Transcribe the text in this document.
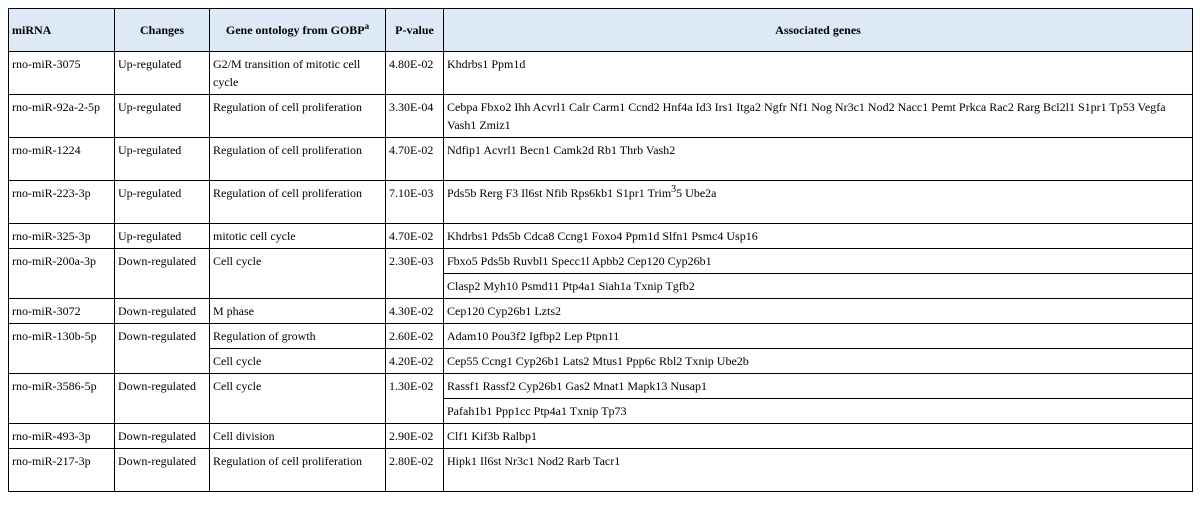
miRNA	Changes	Gene ontology from GOBP$^a$	P-value	Associated genes
rno-miR-3075	Up-regulated	G2/M transition of mitotic cell cycle	4.80E-02	Khdrbs1 Ppm1d
rno-miR-92a-2-5p	Up-regulated	Regulation of cell proliferation	3.30E-04	Cebpa Fbxo2 Ihh Acvrl1 Calr Carm1 Ccnd2 Hnf4a Id3 Irs1 Itga2 Ngfr Nf1 Nog Nr3c1 Nod2 Nacc1 Pemt Prkca Rac2 Rarg Bcl2l1 S1pr1 Tp53 Vegfa Vash1 Zmiz1
rno-miR-1224	Up-regulated	Regulation of cell proliferation	4.70E-02	Ndfip1 Acvrl1 Becn1 Camk2d Rb1 Thrb Vash2
rno-miR-223-3p	Up-regulated	Regulation of cell proliferation	7.10E-03	Pds5b Rerg F3 Il6st Nfib Rps6kb1 S1pr1 Trim$^3$5 Ube2a
rno-miR-325-3p	Up-regulated	mitotic cell cycle	4.70E-02	Khdrbs1 Pds5b Cdca8 Ccng1 Foxo4 Ppm1d Slfn1 Psmc4 Usp16
rno-miR-200a-3p	Down-regulated	Cell cycle	2.30E-03	Fbxo5 Pds5b Ruvbl1 Specc1l Apbb2 Cep120 Cyp26b1
				Clasp2 Myh10 Psmd11 Ptp4a1 Siah1a Txnip Tgfb2
rno-miR-3072	Down-regulated	M phase	4.30E-02	Cep120 Cyp26b1 Lzts2
rno-miR-130b-5p	Down-regulated	Regulation of growth	2.60E-02	Adam10 Pou3f2 Igfbp2 Lep Ptpn11
		Cell cycle	4.20E-02	Cep55 Ccng1 Cyp26b1 Lats2 Mtus1 Ppp6c Rbl2 Txnip Ube2b
rno-miR-3586-5p	Down-regulated	Cell cycle	1.30E-02	Rassf1 Rassf2 Cyp26b1 Gas2 Mnat1 Mapk13 Nusap1
				Pafah1b1 Ppp1cc Ptp4a1 Txnip Tp73
rno-miR-493-3p	Down-regulated	Cell division	2.90E-02	Clf1 Kif3b Ralbp1
rno-miR-217-3p	Down-regulated	Regulation of cell proliferation	2.80E-02	Hipk1 Il6st Nr3c1 Nod2 Rarb Tacr1
